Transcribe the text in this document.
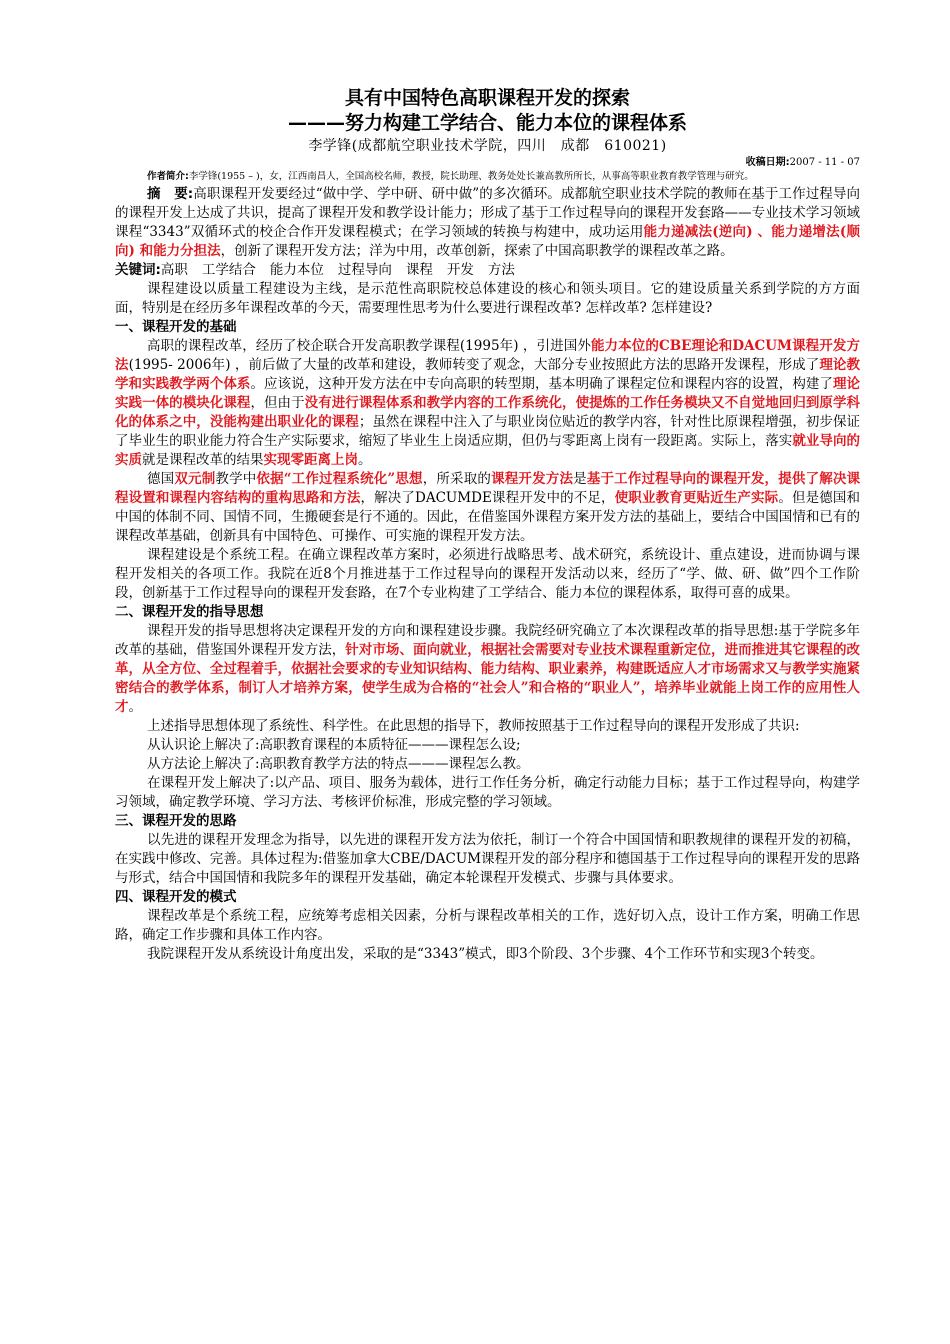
具有中国特色高职课程开发的探索
———努力构建工学结合、能力本位的课程体系

李学锋(成都航空职业技术学院，四川　成都　610021)

收稿日期:2007 - 11 - 07

作者简介:李学锋(1955 – )，女，江西南昌人，全国高校名师，教授，院长助理、教务处处长兼高教所所长，从事高等职业教育教学管理与研究。

摘　要:高职课程开发要经过“做中学、学中研、研中做”的多次循环。成都航空职业技术学院的教师在基于工作过程导向的课程开发上达成了共识，提高了课程开发和教学设计能力；形成了基于工作过程导向的课程开发套路——专业技术学习领域课程“3343”双循环式的校企合作开发课程模式；在学习领域的转换与构建中，成功运用能力递减法(逆向) 、能力递增法(顺向) 和能力分担法，创新了课程开发方法；洋为中用，改革创新，探索了中国高职教学的课程改革之路。

关键词:高职 工学结合 能力本位 过程导向 课程 开发 方法

课程建设以质量工程建设为主线，是示范性高职院校总体建设的核心和领头项目。它的建设质量关系到学院的方方面面，特别是在经历多年课程改革的今天，需要理性思考为什么要进行课程改革? 怎样改革? 怎样建设?

一、课程开发的基础

高职的课程改革，经历了校企联合开发高职教学课程(1995年) ，引进国外能力本位的CBE理论和DACUM课程开发方法(1995- 2006年) ，前后做了大量的改革和建设，教师转变了观念，大部分专业按照此方法的思路开发课程，形成了理论教学和实践教学两个体系。应该说，这种开发方法在中专向高职的转型期，基本明确了课程定位和课程内容的设置，构建了理论实践一体的模块化课程，但由于没有进行课程体系和教学内容的工作系统化，使提炼的工作任务模块又不自觉地回归到原学科化的体系之中，没能构建出职业化的课程；虽然在课程中注入了与职业岗位贴近的教学内容，针对性比原课程增强，初步保证了毕业生的职业能力符合生产实际要求，缩短了毕业生上岗适应期，但仍与零距离上岗有一段距离。实际上，落实就业导向的实质就是课程改革的结果实现零距离上岗。

德国双元制教学中依据“工作过程系统化”思想，所采取的课程开发方法是基于工作过程导向的课程开发，提供了解决课程设置和课程内容结构的重构思路和方法，解决了DACUMDE课程开发中的不足，使职业教育更贴近生产实际。但是德国和中国的体制不同、国情不同，生搬硬套是行不通的。因此，在借鉴国外课程方案开发方法的基础上，要结合中国国情和已有的课程改革基础，创新具有中国特色、可操作、可实施的课程开发方法。

课程建设是个系统工程。在确立课程改革方案时，必须进行战略思考、战术研究，系统设计、重点建设，进而协调与课程开发相关的各项工作。我院在近8个月推进基于工作过程导向的课程开发活动以来，经历了“学、做、研、做”四个工作阶段，创新基于工作过程导向的课程开发套路，在7个专业构建了工学结合、能力本位的课程体系，取得可喜的成果。

二、课程开发的指导思想

课程开发的指导思想将决定课程开发的方向和课程建设步骤。我院经研究确立了本次课程改革的指导思想:基于学院多年改革的基础，借鉴国外课程开发方法，针对市场、面向就业，根据社会需要对专业技术课程重新定位，进而推进其它课程的改革，从全方位、全过程着手，依据社会要求的专业知识结构、能力结构、职业素养，构建既适应人才市场需求又与教学实施紧密结合的教学体系，制订人才培养方案，使学生成为合格的“社会人”和合格的“职业人”，培养毕业就能上岗工作的应用性人才。

上述指导思想体现了系统性、科学性。在此思想的指导下，教师按照基于工作过程导向的课程开发形成了共识:

从认识论上解决了:高职教育课程的本质特征———课程怎么设;

从方法论上解决了:高职教育教学方法的特点———课程怎么教。

在课程开发上解决了:以产品、项目、服务为载体，进行工作任务分析，确定行动能力目标；基于工作过程导向，构建学习领域，确定教学环境、学习方法、考核评价标准，形成完整的学习领域。

三、课程开发的思路

以先进的课程开发理念为指导，以先进的课程开发方法为依托，制订一个符合中国国情和职教规律的课程开发的初稿，在实践中修改、完善。具体过程为:借鉴加拿大CBE/DACUM课程开发的部分程序和德国基于工作过程导向的课程开发的思路与形式，结合中国国情和我院多年的课程开发基础，确定本轮课程开发模式、步骤与具体要求。

四、课程开发的模式

课程改革是个系统工程，应统筹考虑相关因素，分析与课程改革相关的工作，选好切入点，设计工作方案，明确工作思路，确定工作步骤和具体工作内容。

我院课程开发从系统设计角度出发，采取的是“3343”模式，即3个阶段、3个步骤、4个工作环节和实现3个转变。
